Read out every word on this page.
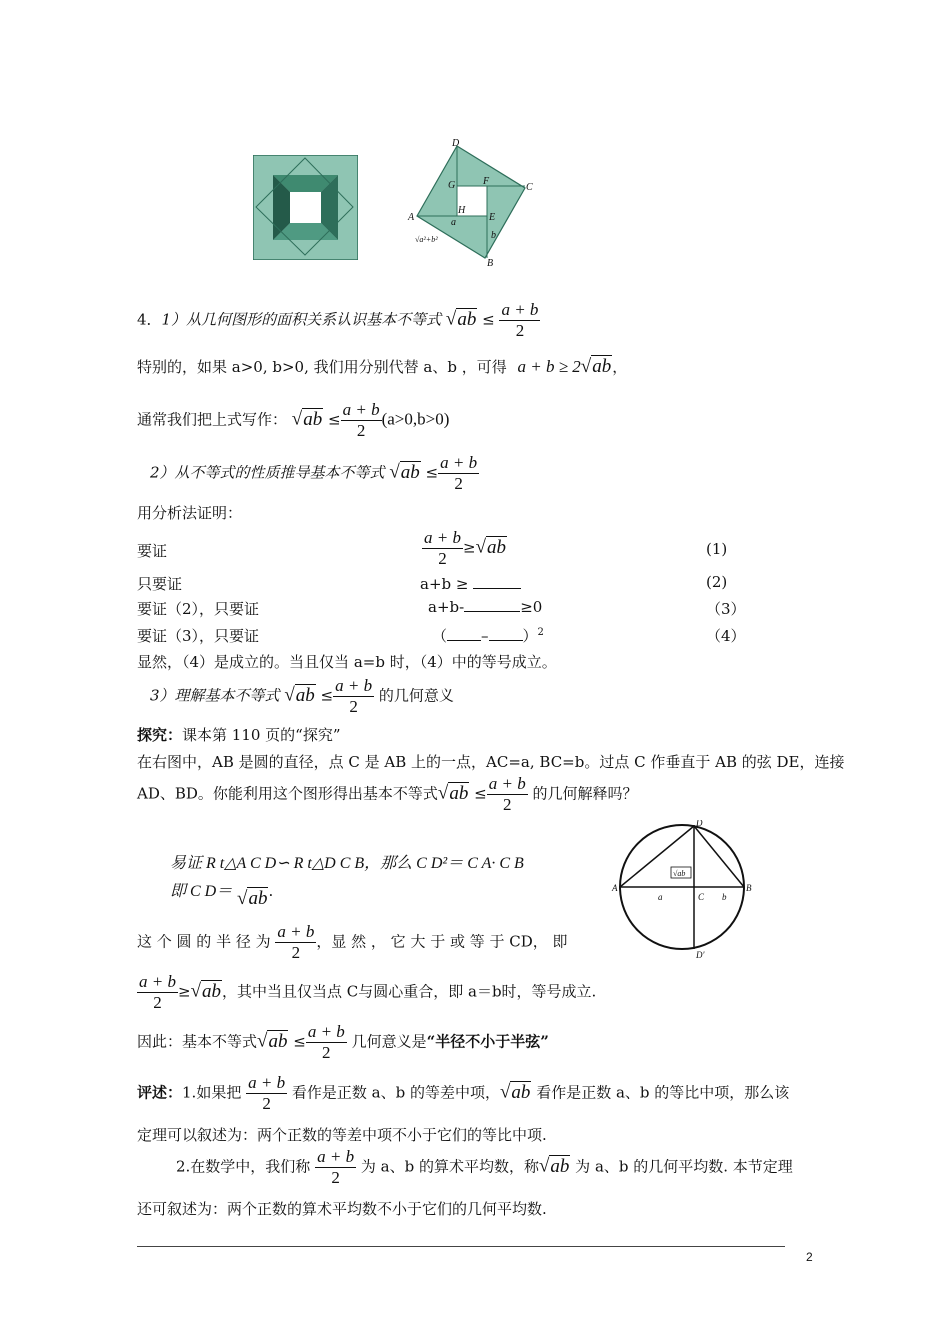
D
G	F
C
H
A	a	E
b
B
√a²+b²
4．1）从几何图形的面积关系认识基本不等式 $√ab \le \frac{a + b}{2}$
特别的，如果 a>0, b>0, 我们用分别代替 a、b ，可得 a + b ≥ 2√ab，
通常我们把上式写作： $√ab \le \frac{a + b}{2} (a>0,b>0)$
2）从不等式的性质推导基本不等式 $√ab \le \frac{a + b}{2}$
用分析法证明：
要证	$\frac{a + b}{2} \ge√ab$	(1)
只要证	a+b ≥	(2)
要证（2），只要证	a+b-	≥0	（3）
要证（3），只要证	（ – ）$^2$	（4）
显然，（4）是成立的。当且仅当 a=b 时，（4）中的等号成立。
3）理解基本不等式 $√ab \le \frac{a + b}{2}$ 的几何意义
探究：课本第 110 页的“探究”
在右图中，AB 是圆的直径，点 C 是 AB 上的一点，AC=a, BC=b。过点 C 作垂直于 AB 的弦 DE，连接
AD、BD。你能利用这个图形得出基本不等式$√ab \le \frac{a + b}{2}$ 的几何解释吗？
易证 R t△A C D∽ R t△D C B，那么 C D²＝ C A· C B
即 C D＝ √ab.	A	B
C
D
D'
a	b
√ab
这 个 圆 的 半 径 为 $\frac{a + b}{2}$ ，显 然 ， 它 大 于 或 等 于 CD， 即
$\frac{a + b}{2} \ge√ab$，其中当且仅当点 C与圆心重合，即 a＝b时，等号成立.
因此：基本不等式$√ab \le \frac{a + b}{2}$ 几何意义是“半径不小于半弦”
评述：1.如果把 $\frac{a + b}{2}$ 看作是正数 a、b 的等差中项，√ab 看作是正数 a、b 的等比中项，那么该
定理可以叙述为：两个正数的等差中项不小于它们的等比中项.
2.在数学中，我们称 $\frac{a + b}{2}$ 为 a、b 的算术平均数，称√ab 为 a、b 的几何平均数. 本节定理
还可叙述为：两个正数的算术平均数不小于它们的几何平均数.
2
